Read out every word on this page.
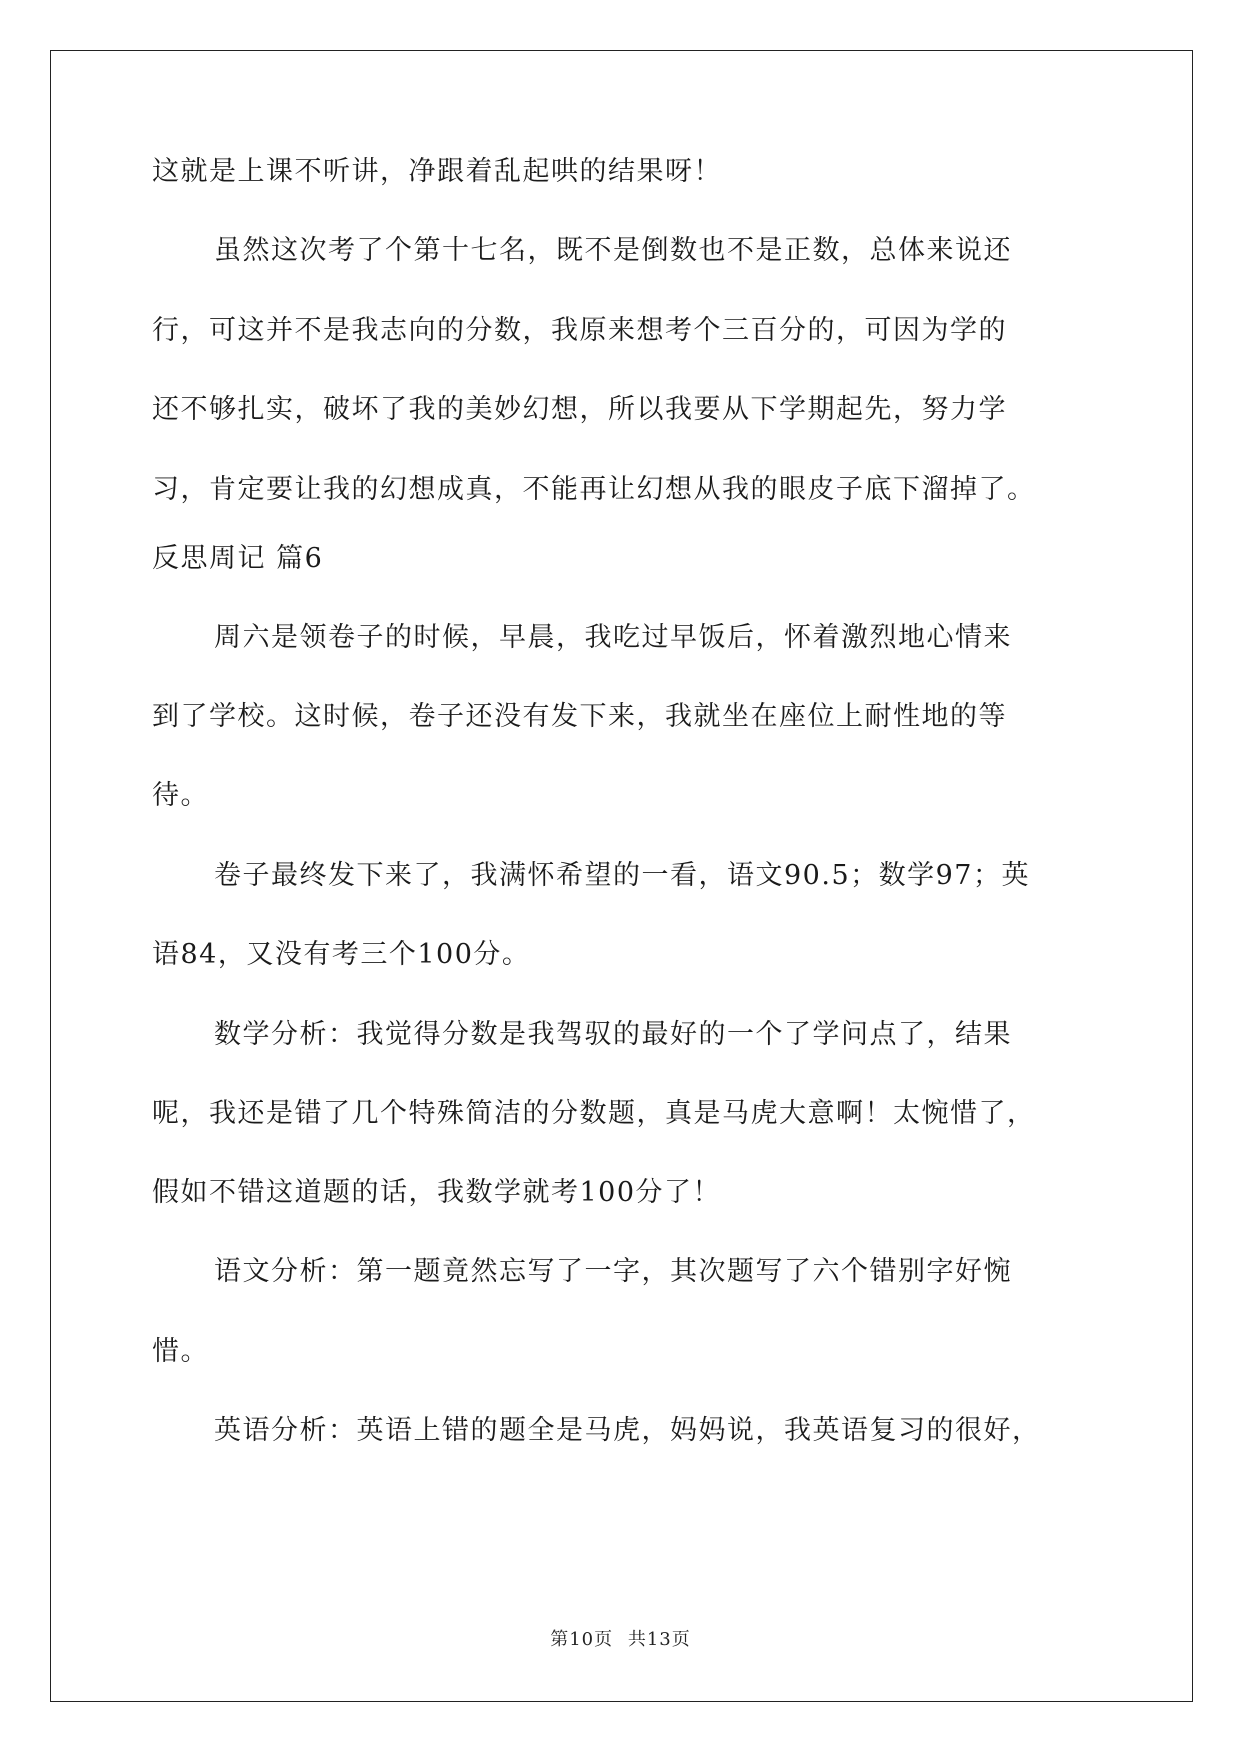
这就是上课不听讲，净跟着乱起哄的结果呀！
虽然这次考了个第十七名，既不是倒数也不是正数，总体来说还
行，可这并不是我志向的分数，我原来想考个三百分的，可因为学的
还不够扎实，破坏了我的美妙幻想，所以我要从下学期起先，努力学
习，肯定要让我的幻想成真，不能再让幻想从我的眼皮子底下溜掉了。
反思周记 篇6
周六是领卷子的时候，早晨，我吃过早饭后，怀着激烈地心情来
到了学校。这时候，卷子还没有发下来，我就坐在座位上耐性地的等
待。
卷子最终发下来了，我满怀希望的一看，语文90.5；数学97；英
语84，又没有考三个100分。
数学分析：我觉得分数是我驾驭的最好的一个了学问点了，结果
呢，我还是错了几个特殊简洁的分数题，真是马虎大意啊！太惋惜了，
假如不错这道题的话，我数学就考100分了！
语文分析：第一题竟然忘写了一字，其次题写了六个错别字好惋
惜。
英语分析：英语上错的题全是马虎，妈妈说，我英语复习的很好，
第10页 共13页
